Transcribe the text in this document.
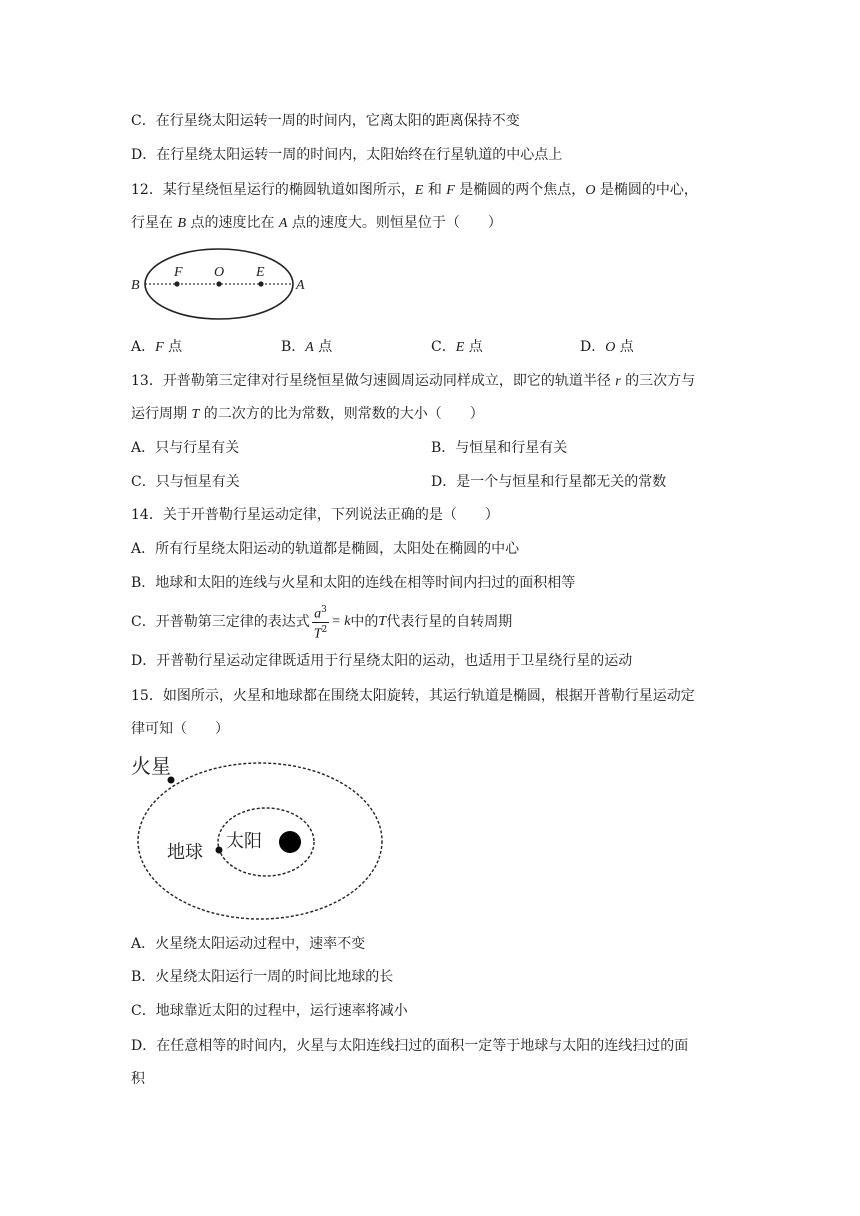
C．在行星绕太阳运转一周的时间内，它离太阳的距离保持不变
D．在行星绕太阳运转一周的时间内，太阳始终在行星轨道的中心点上
12．某行星绕恒星运行的椭圆轨道如图所示，E 和 F 是椭圆的两个焦点，O 是椭圆的中心，
行星在 B 点的速度比在 A 点的速度大。则恒星位于（　　）
F O E
B	A
A．F 点	B．A 点	C．E 点	D．O 点
13．开普勒第三定律对行星绕恒星做匀速圆周运动同样成立，即它的轨道半径 r 的三次方与
运行周期 T 的二次方的比为常数，则常数的大小（　　）
A．只与行星有关	B．与恒星和行星有关
C．只与恒星有关	D．是一个与恒星和行星都无关的常数
14．关于开普勒行星运动定律，下列说法正确的是（　　）
A．所有行星绕太阳运动的轨道都是椭圆，太阳处在椭圆的中心
B．地球和太阳的连线与火星和太阳的连线在相等时间内扫过的面积相等
C．开普勒第三定律的表达式 $\frac{a^3}{T^2} = k$ 中的 T 代表行星的自转周期
D．开普勒行星运动定律既适用于行星绕太阳的运动，也适用于卫星绕行星的运动
15．如图所示，火星和地球都在围绕太阳旋转，其运行轨道是椭圆，根据开普勒行星运动定
律可知（　　）
火星
地球
太阳
A．火星绕太阳运动过程中，速率不变
B．火星绕太阳运行一周的时间比地球的长
C．地球靠近太阳的过程中，运行速率将减小
D．在任意相等的时间内，火星与太阳连线扫过的面积一定等于地球与太阳的连线扫过的面
积
